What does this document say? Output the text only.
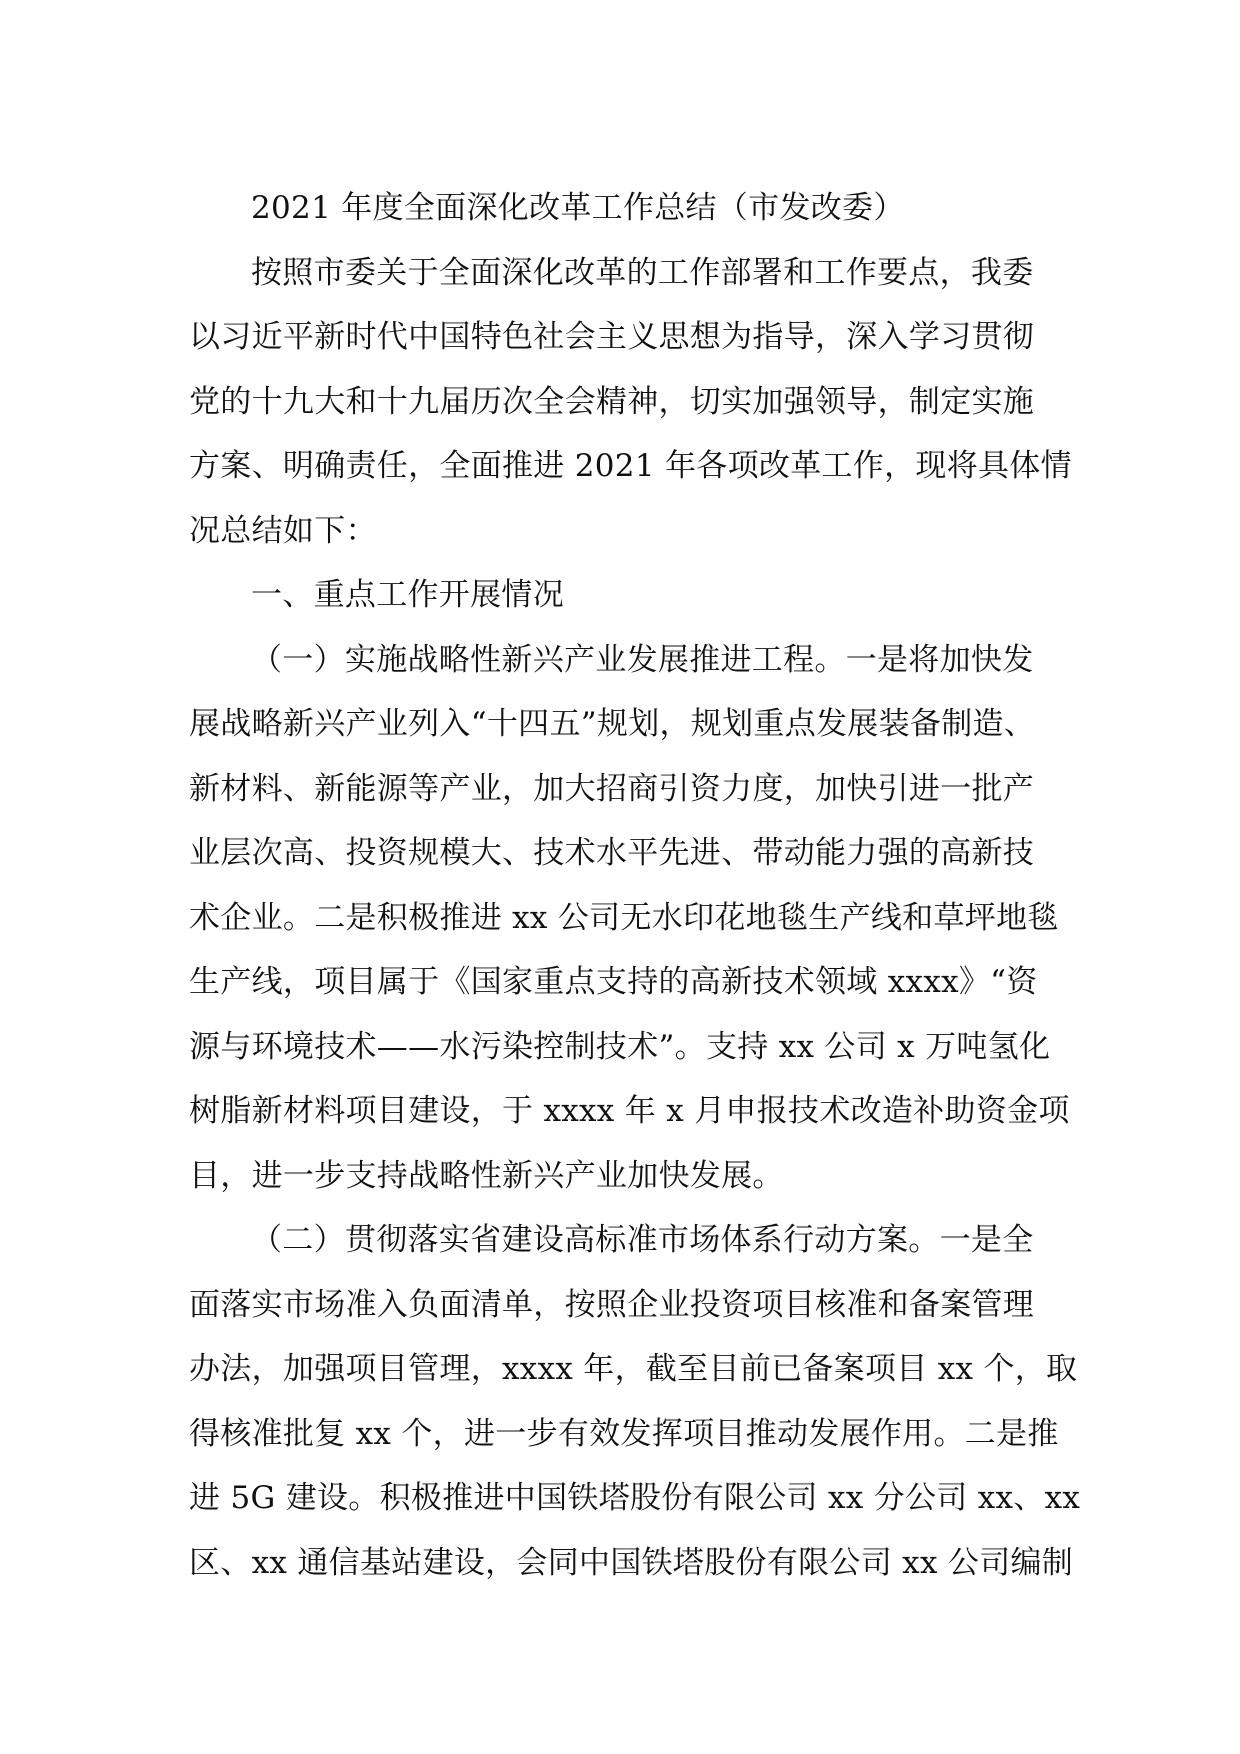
2021 年度全面深化改革工作总结（市发改委）
按照市委关于全面深化改革的工作部署和工作要点，我委
以习近平新时代中国特色社会主义思想为指导，深入学习贯彻
党的十九大和十九届历次全会精神，切实加强领导，制定实施
方案、明确责任，全面推进 2021 年各项改革工作，现将具体情
况总结如下：
一、重点工作开展情况
（一）实施战略性新兴产业发展推进工程。一是将加快发
展战略新兴产业列入“十四五”规划，规划重点发展装备制造、
新材料、新能源等产业，加大招商引资力度，加快引进一批产
业层次高、投资规模大、技术水平先进、带动能力强的高新技
术企业。二是积极推进 xx 公司无水印花地毯生产线和草坪地毯
生产线，项目属于《国家重点支持的高新技术领域 xxxx》“资
源与环境技术——水污染控制技术”。支持 xx 公司 x 万吨氢化
树脂新材料项目建设，于 xxxx 年 x 月申报技术改造补助资金项
目，进一步支持战略性新兴产业加快发展。
（二）贯彻落实省建设高标准市场体系行动方案。一是全
面落实市场准入负面清单，按照企业投资项目核准和备案管理
办法，加强项目管理，xxxx 年，截至目前已备案项目 xx 个，取
得核准批复 xx 个，进一步有效发挥项目推动发展作用。二是推
进 5G 建设。积极推进中国铁塔股份有限公司 xx 分公司 xx、xx
区、xx 通信基站建设，会同中国铁塔股份有限公司 xx 公司编制
